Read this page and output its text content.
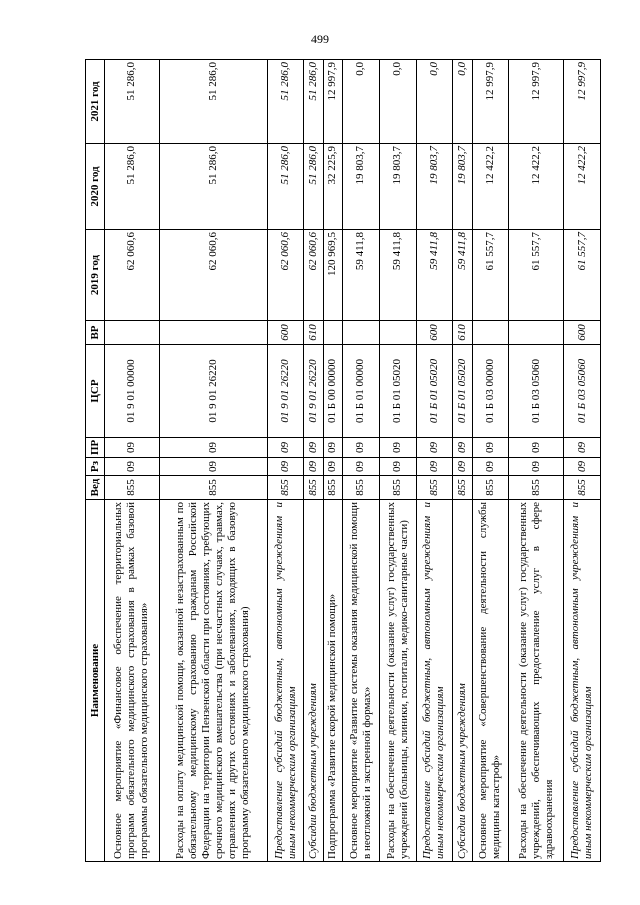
499
Наименование	Вед	Рз	ПР	ЦСР	ВР	2019 год	2020 год	2021 год
Основное мероприятие «Финансовое обеспечение территориальных программ обязательного медицинского страхования в рамках базовой программы обязательного медицинского страхования»	855	09	09	01 9 01 00000		62 060,6	51 286,0	51 286,0
Расходы на оплату медицинской помощи, оказанной незастрахованным по обязательному медицинскому страхованию гражданам Российской Федерации на территории Пензенской области при состояниях, требующих срочного медицинского вмешательства (при несчастных случаях, травмах, отравлениях и других состояниях и заболеваниях, входящих в базовую программу обязательного медицинского страхования)	855	09	09	01 9 01 26220		62 060,6	51 286,0	51 286,0
Предоставление субсидий бюджетным, автономным учреждениям и иным некоммерческим организациям	855	09	09	01 9 01 26220	600	62 060,6	51 286,0	51 286,0
Субсидии бюджетным учреждениям	855	09	09	01 9 01 26220	610	62 060,6	51 286,0	51 286,0
Подпрограмма «Развитие скорой медицинской помощи»	855	09	09	01 Б 00 00000		120 969,5	32 225,9	12 997,9
Основное мероприятие «Развитие системы оказания медицинской помощи в неотложной и экстренной формах»	855	09	09	01 Б 01 00000		59 411,8	19 803,7	0,0
Расходы на обеспечение деятельности (оказание услуг) государственных учреждений (больницы, клиники, госпитали, медико-санитарные части)	855	09	09	01 Б 01 05020		59 411,8	19 803,7	0,0
Предоставление субсидий бюджетным, автономным учреждениям и иным некоммерческим организациям	855	09	09	01 Б 01 05020	600	59 411,8	19 803,7	0,0
Субсидии бюджетным учреждениям	855	09	09	01 Б 01 05020	610	59 411,8	19 803,7	0,0
Основное мероприятие «Совершенствование деятельности службы медицины катастроф»	855	09	09	01 Б 03 00000		61 557,7	12 422,2	12 997,9
Расходы на обеспечение деятельности (оказание услуг) государственных учреждений, обеспечивающих предоставление услуг в сфере здравоохранения	855	09	09	01 Б 03 05060		61 557,7	12 422,2	12 997,9
Предоставление субсидий бюджетным, автономным учреждениям и иным некоммерческим организациям	855	09	09	01 Б 03 05060	600	61 557,7	12 422,2	12 997,9
